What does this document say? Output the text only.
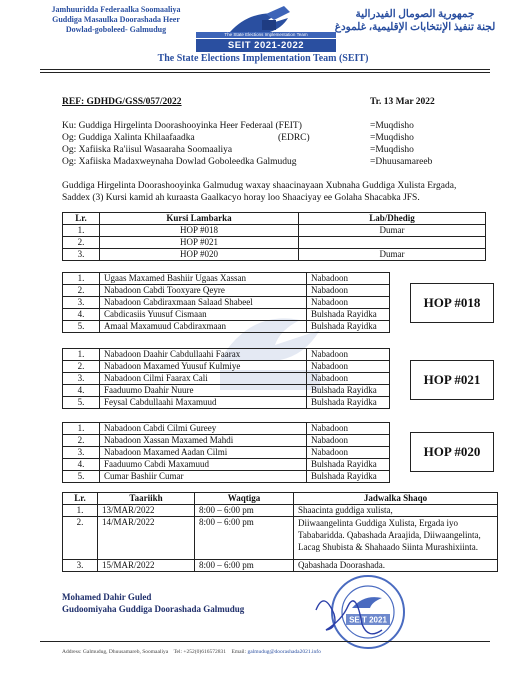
Jamhuuridda Federaalka Soomaaliya
Guddiga Masaulka Doorashada Heer
Dowlad-goboleed- Galmudug
The State Elections Implementation Team
SEIT 2021-2022
جمهورية الصومال الفيدرالية
لجنة تنفيذ الإنتخابات الإقليمية، غلمودغ
The State Elections Implementation Team (SEIT)
REF: GDHDG/GSS/057/2022	Tr. 13 Mar 2022
Ku: Guddiga Hirgelinta Doorashooyinka Heer Federaal (FEIT)	=Muqdisho
Og: Guddiga Xalinta Khilaafaadka	(EDRC)	=Muqdisho
Og: Xafiiska Ra'iisul Wasaaraha Soomaaliya	=Muqdisho
Og: Xafiiska Madaxweynaha Dowlad Goboleedka Galmudug	=Dhuusamareeb
Guddiga Hirgelinta Doorashooyinka Galmudug waxay shaacinayaan Xubnaha Guddiga Xulista Ergada, Saddex (3) Kursi kamid ah kuraasta Gaalkacyo horay loo Shaaciyay ee Golaha Shacabka JFS.
Lr.	Kursi Lambarka	Lab/Dhedig
1.	HOP #018	Dumar
2.	HOP #021	
3.	HOP #020	Dumar
1.	Ugaas Maxamed Bashiir Ugaas Xassan	Nabadoon
2.	Nabadoon Cabdi Tooxyare Qeyre	Nabadoon
3.	Nabadoon Cabdiraxmaan Salaad Shabeel	Nabadoon
4.	Cabdicasiis Yuusuf Cismaan	Bulshada Rayidka
5.	Amaal Maxamuud Cabdiraxmaan	Bulshada Rayidka
HOP #018
1.	Nabadoon Daahir Cabdullaahi Faarax	Nabadoon
2.	Nabadoon Maxamed Yuusuf Kulmiye	Nabadoon
3.	Nabadoon Cilmi Faarax Cali	Nabadoon
4.	Faaduumo Daahir Nuure	Bulshada Rayidka
5.	Feysal Cabdullaahi Maxamuud	Bulshada Rayidka
HOP #021
1.	Nabadoon Cabdi Cilmi Gureey	Nabadoon
2.	Nabadoon Xassan Maxamed Mahdi	Nabadoon
3.	Nabadoon Maxamed Aadan Cilmi	Nabadoon
4.	Faaduumo Cabdi Maxamuud	Bulshada Rayidka
5.	Cumar Bashiir Cumar	Bulshada Rayidka
HOP #020
Lr.	Taariikh	Waqtiga	Jadwalka Shaqo
1.	13/MAR/2022	8:00 – 6:00 pm	Shaacinta guddiga xulista,
2.	14/MAR/2022	8:00 – 6:00 pm	Diiwaangelinta Guddiga Xulista, Ergada iyo Tababaridda. Qabashada Araajida, Diiwaangelinta, Lacag Shubista & Shahaado Siinta Murashixiinta.
3.	15/MAR/2022	8:00 – 6:00 pm	Qabashada Doorashada.
Mohamed Dahir Guled
Gudoomiyaha Guddiga Doorashada Galmudug
SEIT 2021
Address: Galmudug, Dhuusamareb, Soomaaliya Tel: +252(0)616572831 Email: galmudug@doorashada2021.info
